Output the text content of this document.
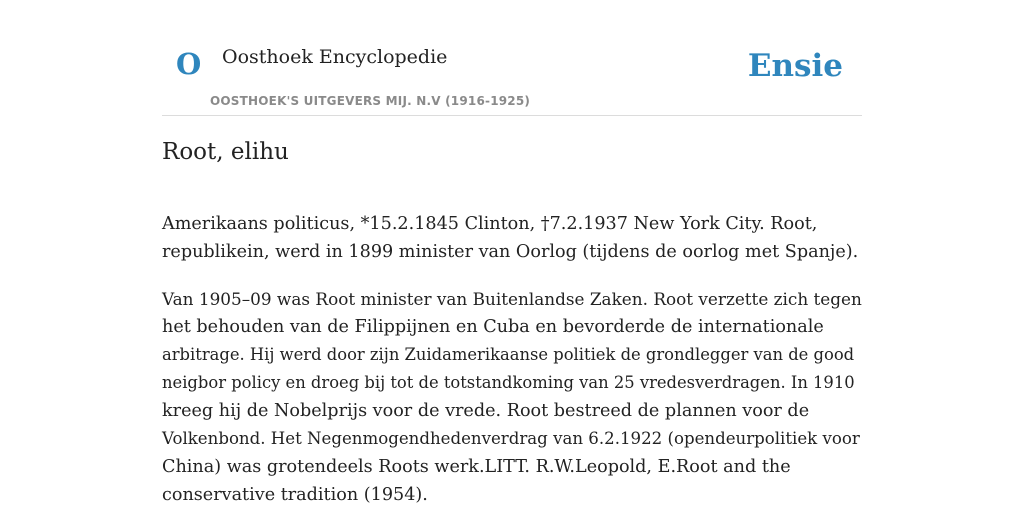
O Oosthoek Encyclopedie
OOSTHOEK'S UITGEVERS MIJ. N.V (1916-1925)
Ensie
Root, elihu

Amerikaans politicus, *15.2.1845 Clinton, †7.2.1937 New York City. Root,
republikein, werd in 1899 minister van Oorlog (tijdens de oorlog met Spanje).

Van 1905–09 was Root minister van Buitenlandse Zaken. Root verzette zich tegen
het behouden van de Filippijnen en Cuba en bevorderde de internationale
arbitrage. Hij werd door zijn Zuidamerikaanse politiek de grondlegger van de good
neigbor policy en droeg bij tot de totstandkoming van 25 vredesverdragen. In 1910
kreeg hij de Nobelprijs voor de vrede. Root bestreed de plannen voor de
Volkenbond. Het Negenmogendhedenverdrag van 6.2.1922 (opendeurpolitiek voor
China) was grotendeels Roots werk.LITT. R.W.Leopold, E.Root and the
conservative tradition (1954).
